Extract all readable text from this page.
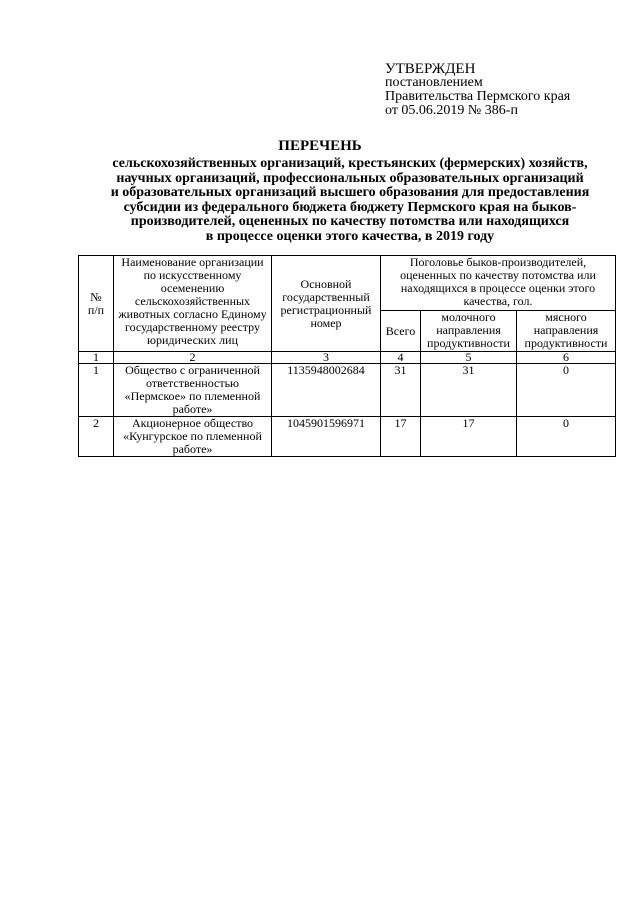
УТВЕРЖДЕН
постановлением
Правительства Пермского края
от 05.06.2019 № 386-п
ПЕРЕЧЕНЬ
сельскохозяйственных организаций, крестьянских (фермерских) хозяйств,
научных организаций, профессиональных образовательных организаций
и образовательных организаций высшего образования для предоставления
субсидии из федерального бюджета бюджету Пермского края на быков-
производителей, оцененных по качеству потомства или находящихся
в процессе оценки этого качества, в 2019 году
№ п/п	Наименование организации по искусственному осеменению сельскохозяйственных животных согласно Единому государственному реестру юридических лиц	Основной государственный регистрационный номер	Поголовье быков-производителей, оцененных по качеству потомства или находящихся в процессе оценки этого качества, гол.		
			Всего	молочного направления продуктивности	мясного направления продуктивности
1	2	3	4	5	6
1	Общество с ограниченной ответственностью «Пермское» по племенной работе»	1135948002684	31	31	0
2	Акционерное общество «Кунгурское по племенной работе»	1045901596971	17	17	0
